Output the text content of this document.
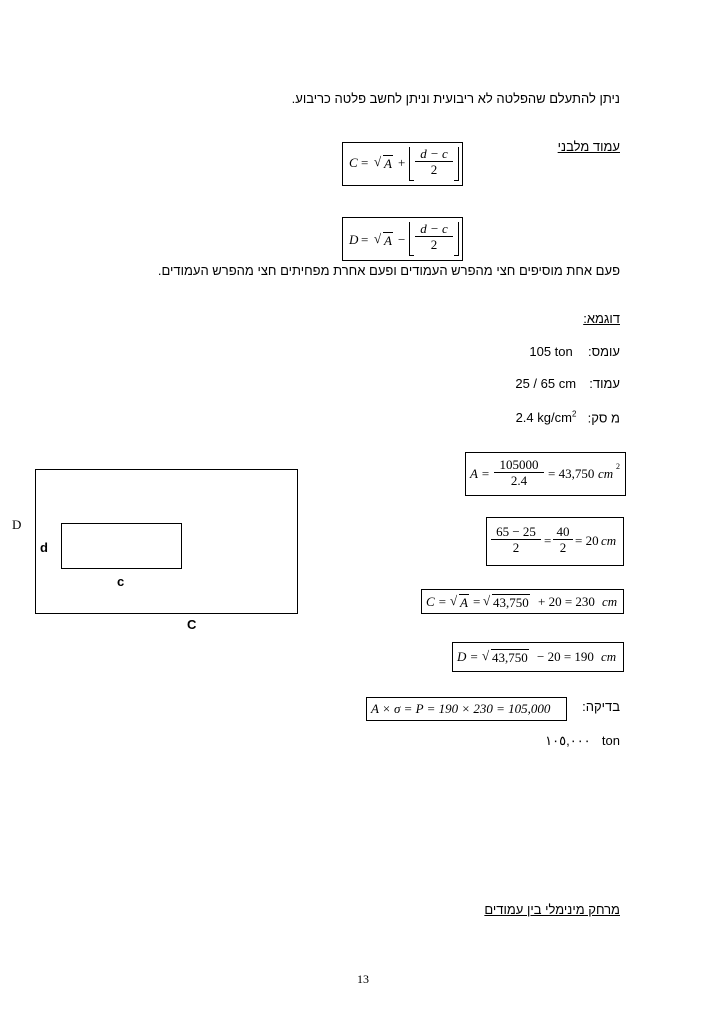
ניתן להתעלם שהפלטה לא ריבועית וניתן לחשב פלטה כריבוע.
עמוד מלבני
C = √ $A + \frac{d - c}{2}$
D = √ $A - \frac{d - c}{2}$
פעם אחת מוסיפים חצי מהפרש העמודים ופעם אחרת מפחיתים חצי מהפרש העמודים.
דוגמא:
עומס:  105 ton
עמוד:  25 / 65 cm
מ סק:  2.4 $kg/cm^2$
$A = \frac{105000}{2.4} = 43,750$ cm 2
$\frac{65 - 25}{2} = \frac{40}{2} = 20$ cm
C = √ A = √ 43,750 + 20 = 230 cm
D = √ 43,750 − 20 = 190 cm
בדיקה:
A × σ = P = 190 × 230 = 105,000
ton  ١٠٥,٠٠٠
D
d
c
C
מרחק מינימלי בין עמודים
13
